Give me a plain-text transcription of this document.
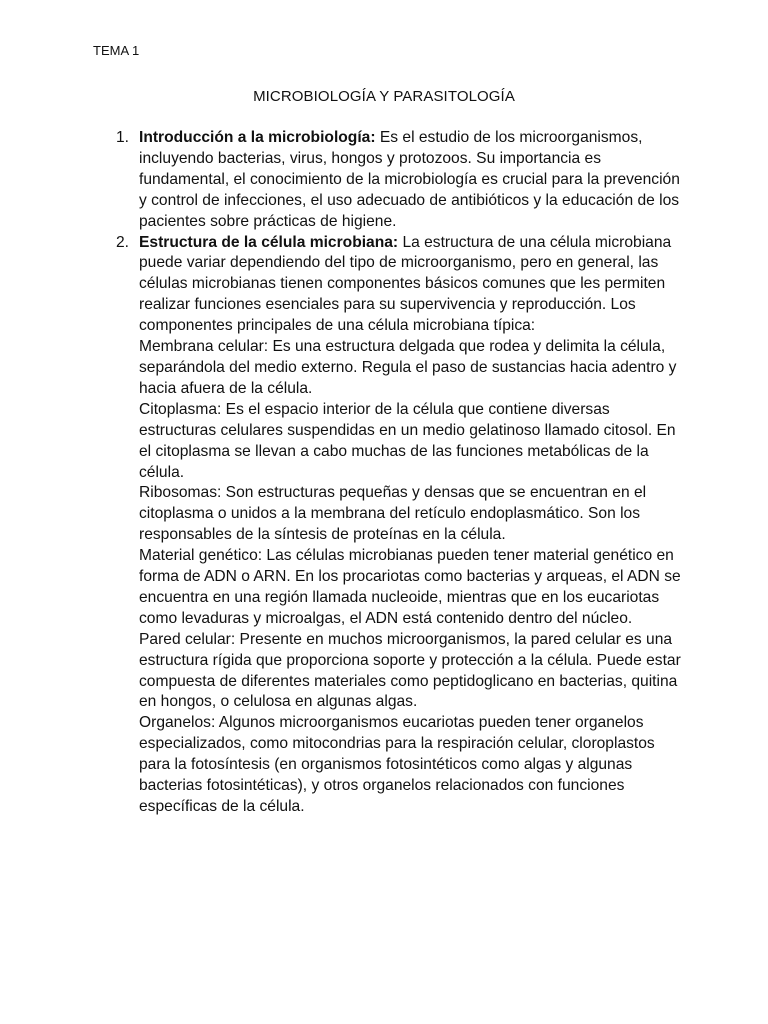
TEMA 1
MICROBIOLOGÍA Y PARASITOLOGÍA
1. Introducción a la microbiología: Es el estudio de los microorganismos, incluyendo bacterias, virus, hongos y protozoos. Su importancia es fundamental, el conocimiento de la microbiología es crucial para la prevención y control de infecciones, el uso adecuado de antibióticos y la educación de los pacientes sobre prácticas de higiene.

2. Estructura de la célula microbiana: La estructura de una célula microbiana puede variar dependiendo del tipo de microorganismo, pero en general, las células microbianas tienen componentes básicos comunes que les permiten realizar funciones esenciales para su supervivencia y reproducción. Los componentes principales de una célula microbiana típica:

Membrana celular: Es una estructura delgada que rodea y delimita la célula, separándola del medio externo. Regula el paso de sustancias hacia adentro y hacia afuera de la célula.

Citoplasma: Es el espacio interior de la célula que contiene diversas estructuras celulares suspendidas en un medio gelatinoso llamado citosol. En el citoplasma se llevan a cabo muchas de las funciones metabólicas de la célula.

Ribosomas: Son estructuras pequeñas y densas que se encuentran en el citoplasma o unidos a la membrana del retículo endoplasmático. Son los responsables de la síntesis de proteínas en la célula.

Material genético: Las células microbianas pueden tener material genético en forma de ADN o ARN. En los procariotas como bacterias y arqueas, el ADN se encuentra en una región llamada nucleoide, mientras que en los eucariotas como levaduras y microalgas, el ADN está contenido dentro del núcleo.

Pared celular: Presente en muchos microorganismos, la pared celular es una estructura rígida que proporciona soporte y protección a la célula. Puede estar compuesta de diferentes materiales como peptidoglicano en bacterias, quitina en hongos, o celulosa en algunas algas.

Organelos: Algunos microorganismos eucariotas pueden tener organelos especializados, como mitocondrias para la respiración celular, cloroplastos para la fotosíntesis (en organismos fotosintéticos como algas y algunas bacterias fotosintéticas), y otros organelos relacionados con funciones específicas de la célula.
